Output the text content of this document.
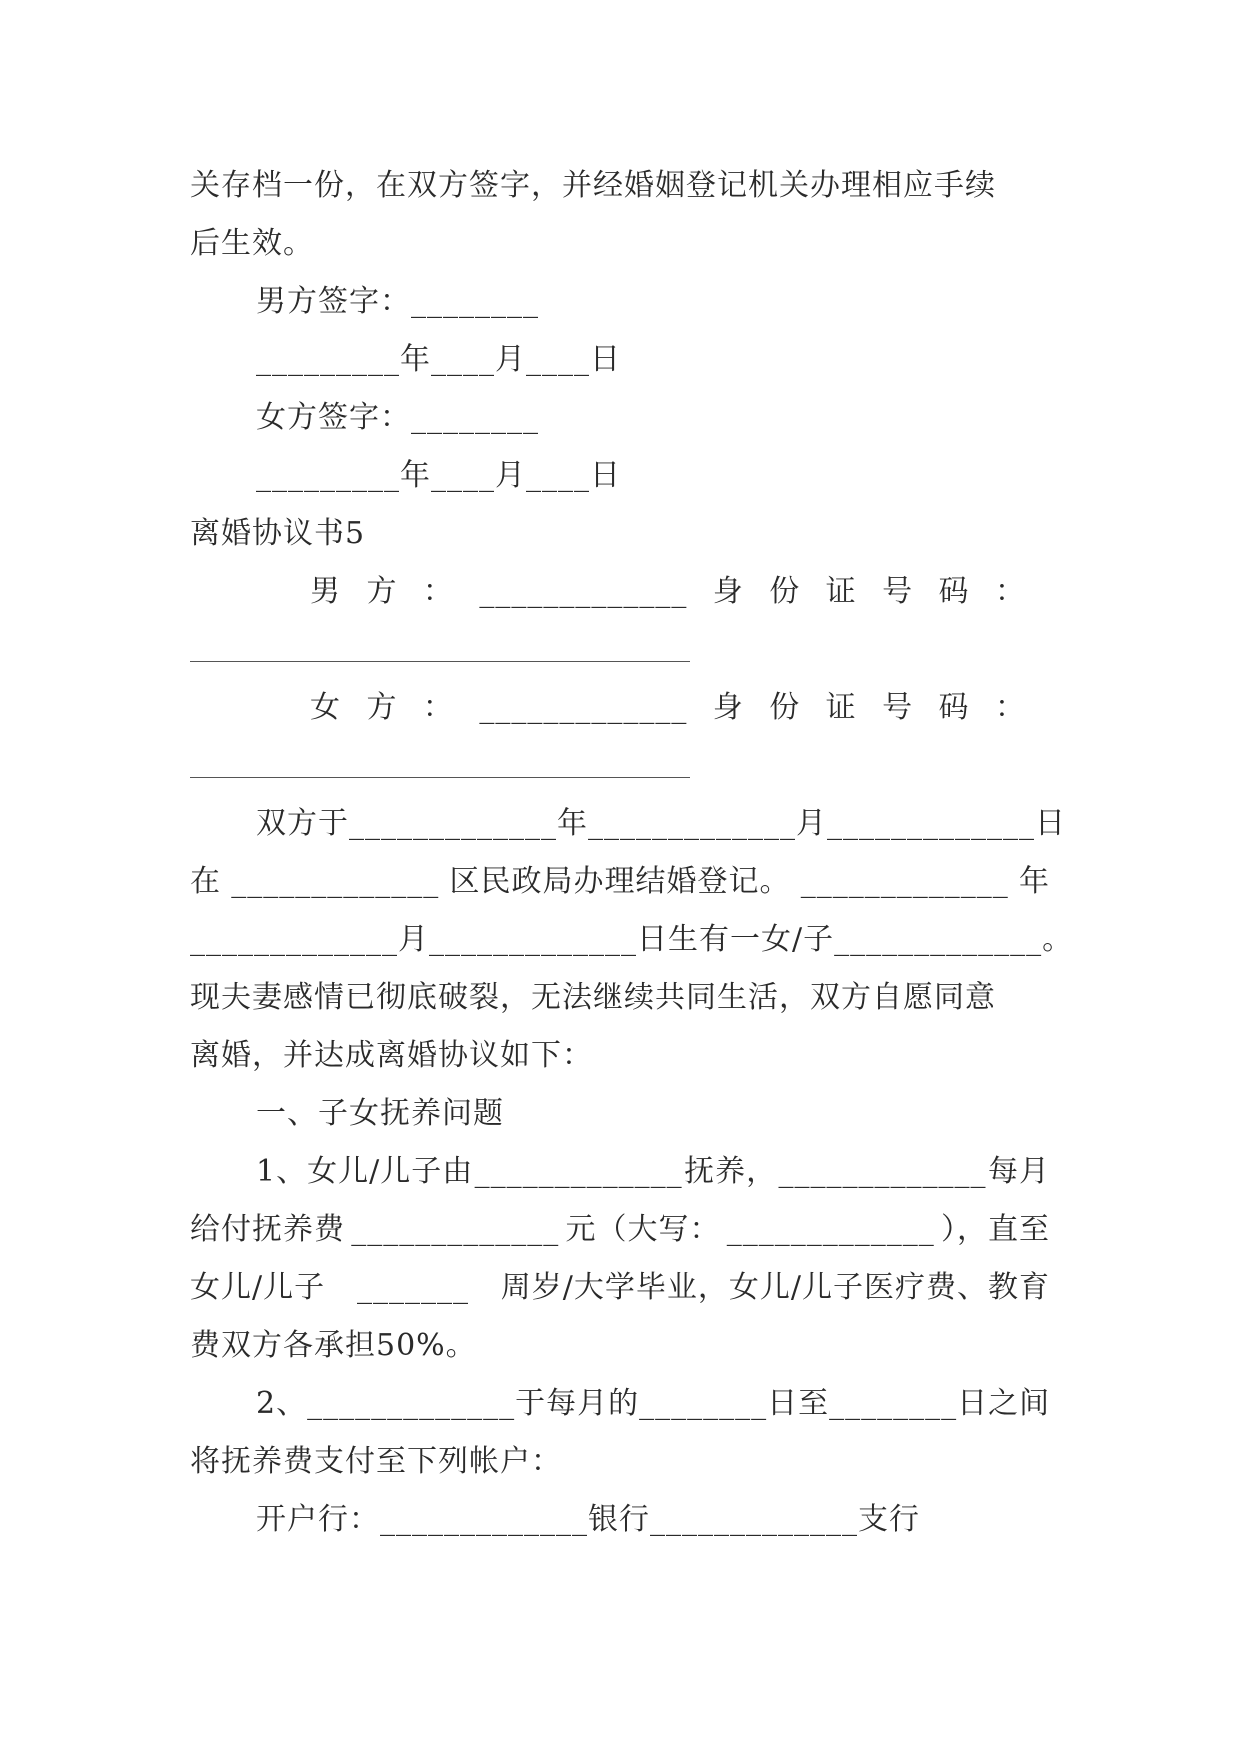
关存档一份，在双方签字，并经婚姻登记机关办理相应手续
后生效。
男方签字：________
_________年____月____日
女方签字：________
_________年____月____日
离婚协议书5
男 方 ： _____________ 身 份 证 号 码 ：
女 方 ： _____________ 身 份 证 号 码 ：
双方于 _____________ 年 _____________ 月 _____________ 日
在 _____________ 区民政局办理结婚登记。 _____________ 年
_____________ 月 _____________ 日生有一女/子 _____________ 。
现夫妻感情已彻底破裂，无法继续共同生活，双方自愿同意
离婚，并达成离婚协议如下：
一、子女抚养问题
1、女儿/儿子由 _____________ 抚养， _____________ 每月
给付抚养费 _____________ 元（大写： _____________ ），直至
女儿/儿子 _______ 周岁/大学毕业，女儿/儿子医疗费、教育
费双方各承担50%。
2、 _____________ 于每月的 ________ 日至 ________ 日之间
将抚养费支付至下列帐户：
开户行：_____________银行_____________支行
